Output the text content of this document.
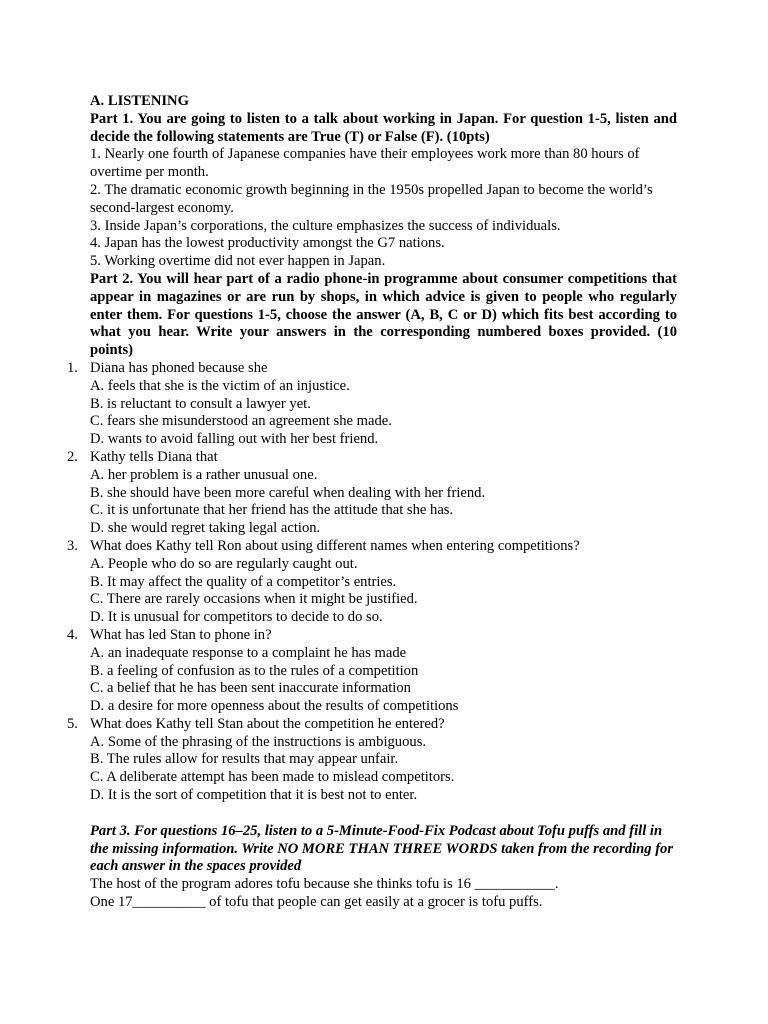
A. LISTENING

Part 1. You are going to listen to a talk about working in Japan. For question 1-5, listen and decide the following statements are True (T) or False (F). (10pts)

1. Nearly one fourth of Japanese companies have their employees work more than 80 hours of overtime per month.

2. The dramatic economic growth beginning in the 1950s propelled Japan to become the world’s second-largest economy.

3. Inside Japan’s corporations, the culture emphasizes the success of individuals.

4. Japan has the lowest productivity amongst the G7 nations.

5. Working overtime did not ever happen in Japan.

Part 2. You will hear part of a radio phone-in programme about consumer competitions that appear in magazines or are run by shops, in which advice is given to people who regularly enter them. For questions 1-5, choose the answer (A, B, C or D) which fits best according to what you hear. Write your answers in the corresponding numbered boxes provided. (10 points)

1. Diana has phoned because she

A. feels that she is the victim of an injustice.

B. is reluctant to consult a lawyer yet.

C. fears she misunderstood an agreement she made.

D. wants to avoid falling out with her best friend.

2. Kathy tells Diana that

A. her problem is a rather unusual one.

B. she should have been more careful when dealing with her friend.

C. it is unfortunate that her friend has the attitude that she has.

D. she would regret taking legal action.

3. What does Kathy tell Ron about using different names when entering competitions?

A. People who do so are regularly caught out.

B. It may affect the quality of a competitor’s entries.

C. There are rarely occasions when it might be justified.

D. It is unusual for competitors to decide to do so.

4. What has led Stan to phone in?

A. an inadequate response to a complaint he has made

B. a feeling of confusion as to the rules of a competition

C. a belief that he has been sent inaccurate information

D. a desire for more openness about the results of competitions

5. What does Kathy tell Stan about the competition he entered?

A. Some of the phrasing of the instructions is ambiguous.

B. The rules allow for results that may appear unfair.

C. A deliberate attempt has been made to mislead competitors.

D. It is the sort of competition that it is best not to enter.

Part 3. For questions 16‒25, listen to a 5-Minute-Food-Fix Podcast about Tofu puffs and fill in the missing information. Write NO MORE THAN THREE WORDS taken from the recording for each answer in the spaces provided

The host of the program adores tofu because she thinks tofu is 16 ___________.

One 17__________ of tofu that people can get easily at a grocer is tofu puffs.
